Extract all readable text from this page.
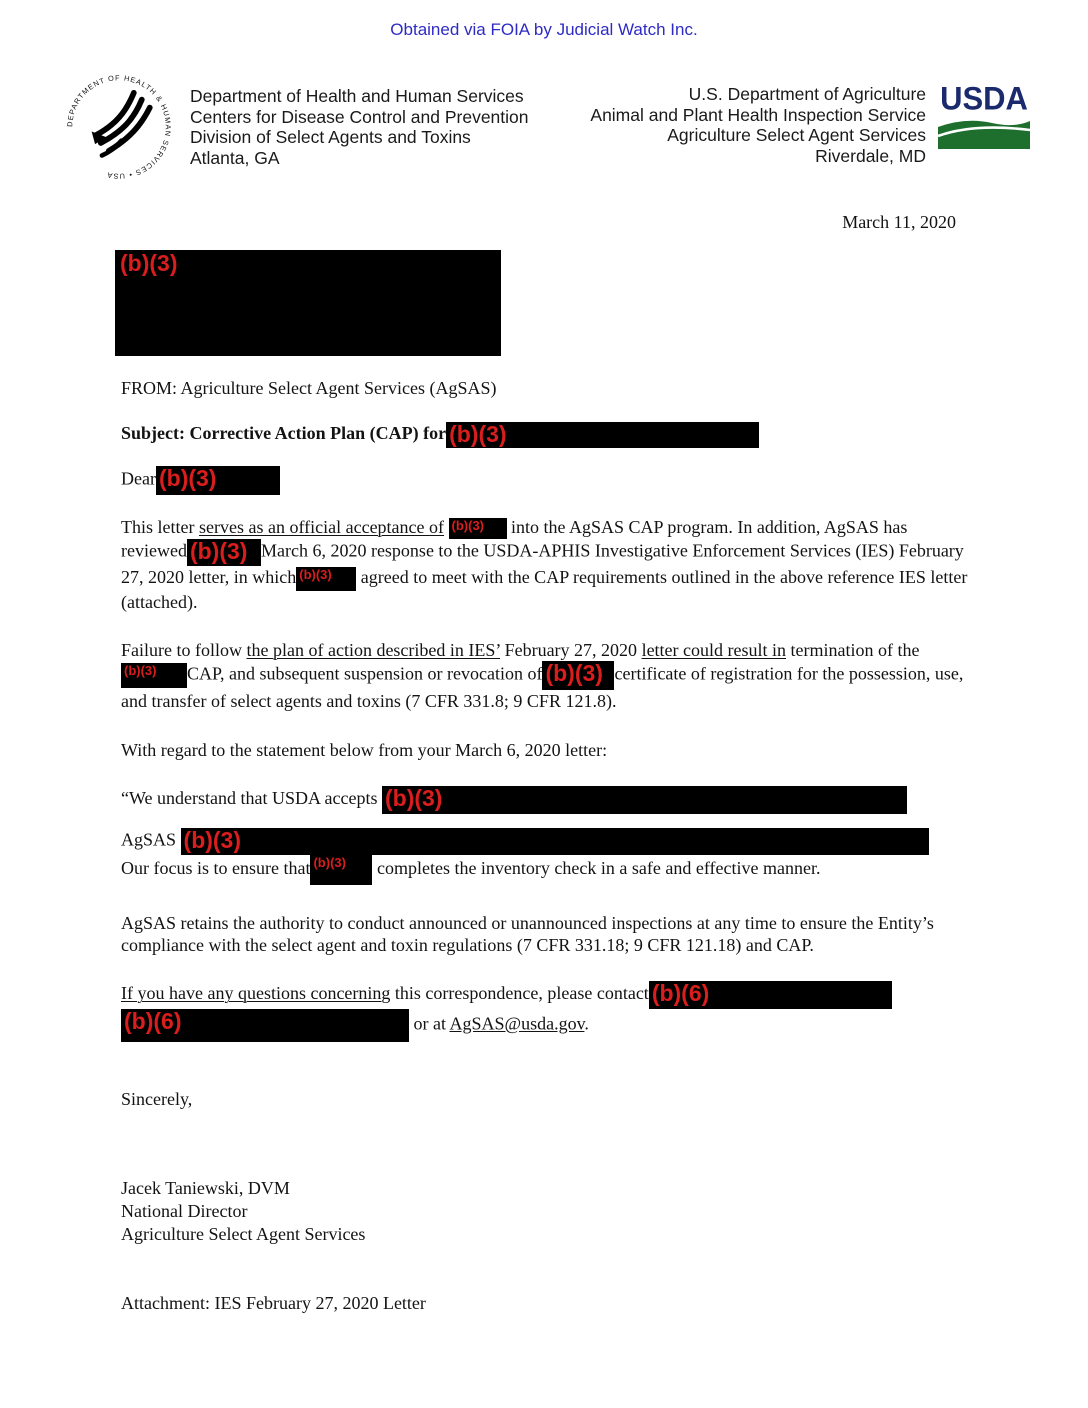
Obtained via FOIA by Judicial Watch Inc.
DEPARTMENT OF HEALTH & HUMAN SERVICES • USA
Department of Health and Human Services
Centers for Disease Control and Prevention
Division of Select Agents and Toxins
Atlanta, GA
U.S. Department of Agriculture
Animal and Plant Health Inspection Service
Agriculture Select Agent Services
Riverdale, MD
USDA
March 11, 2020
(b)(3)

FROM: Agriculture Select Agent Services (AgSAS)

Subject: Corrective Action Plan (CAP) for (b)(3)

Dear (b)(3)

This letter serves as an official acceptance of (b)(3) into the AgSAS CAP program. In addition, AgSAS has reviewed (b)(3) March 6, 2020 response to the USDA-APHIS Investigative Enforcement Services (IES) February 27, 2020 letter, in which (b)(3) agreed to meet with the CAP requirements outlined in the above reference IES letter (attached).

Failure to follow the plan of action described in IES’ February 27, 2020 letter could result in termination of the
(b)(3) CAP, and subsequent suspension or revocation of (b)(3) certificate of registration for the possession, use, and transfer of select agents and toxins (7 CFR 331.8; 9 CFR 121.8).

With regard to the statement below from your March 6, 2020 letter:

“We understand that USDA accepts (b)(3)

AgSAS (b)(3)

Our focus is to ensure that (b)(3) completes the inventory check in a safe and effective manner.

AgSAS retains the authority to conduct announced or unannounced inspections at any time to ensure the Entity’s compliance with the select agent and toxin regulations (7 CFR 331.18; 9 CFR 121.18) and CAP.

If you have any questions concerning this correspondence, please contact (b)(6)

(b)(6)	or at AgSAS@usda.gov.

Sincerely,

Jacek Taniewski, DVM
National Director
Agriculture Select Agent Services

Attachment: IES February 27, 2020 Letter
